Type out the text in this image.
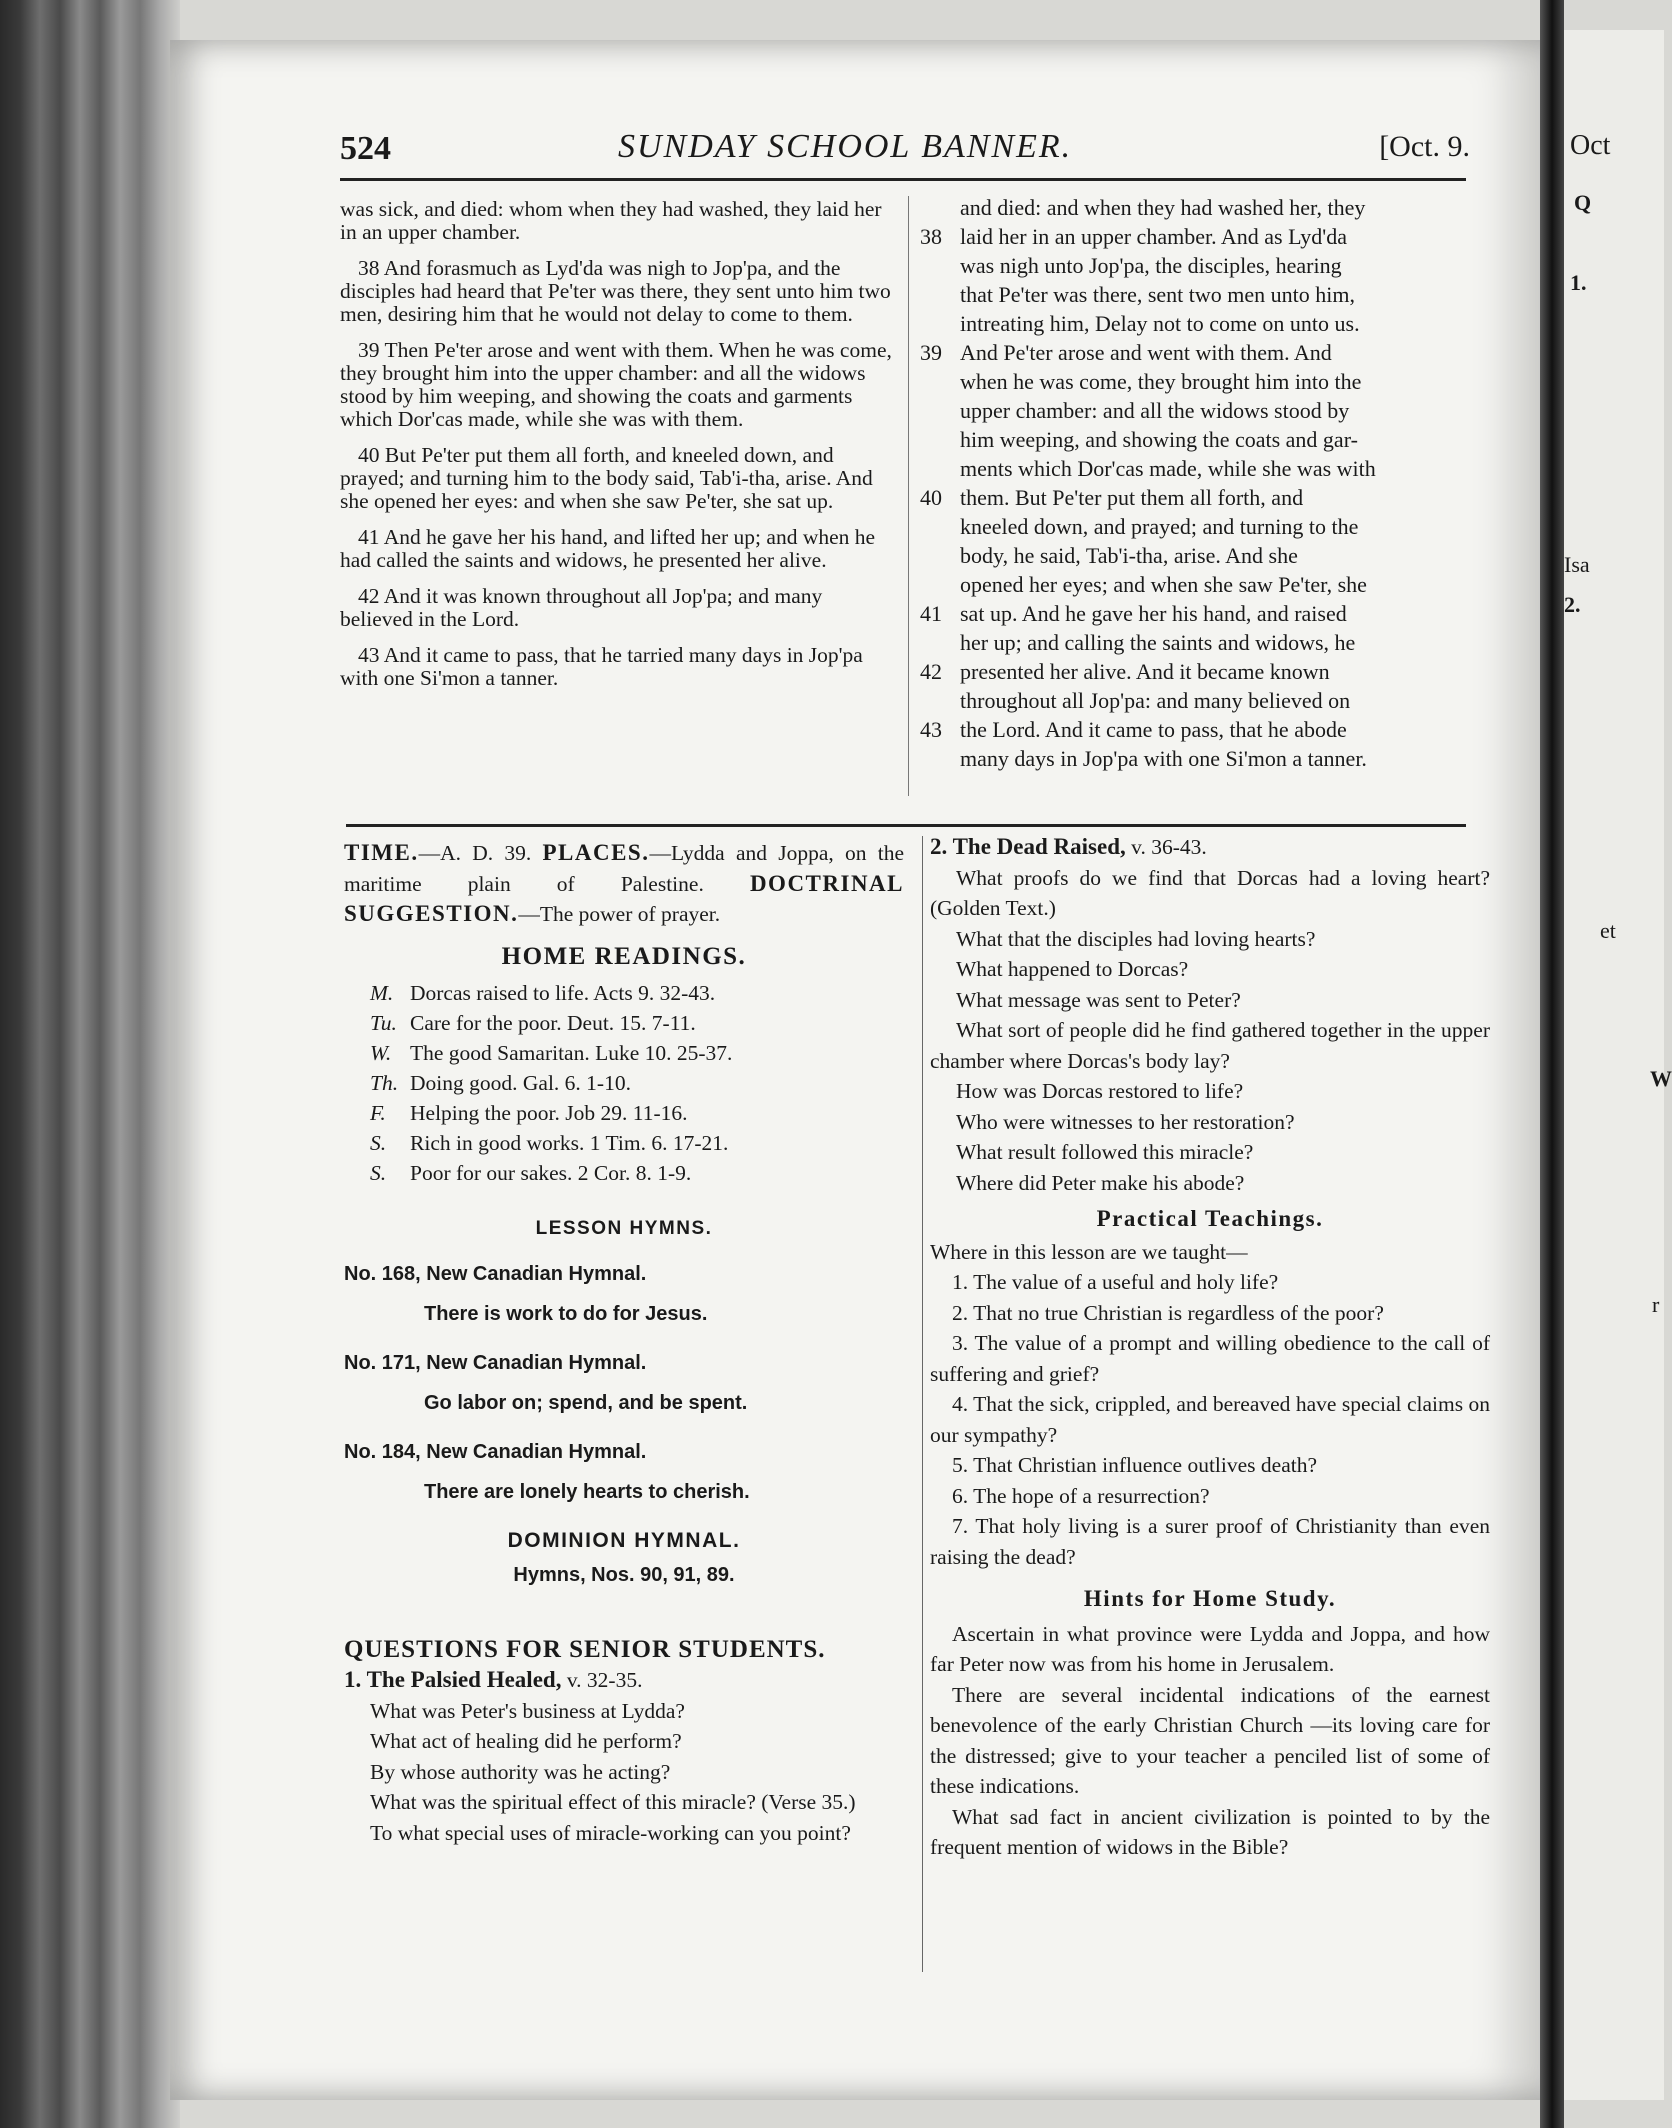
Oct
Q
1.
Isa
2.
et
W
r
524	SUNDAY SCHOOL BANNER.	[Oct. 9.

was sick, and died: whom when they had washed, they laid her in an upper chamber.

38 And forasmuch as Lyd'da was nigh to Jop'pa, and the disciples had heard that Pe'ter was there, they sent unto him two men, desiring him that he would not delay to come to them.

39 Then Pe'ter arose and went with them. When he was come, they brought him into the upper chamber: and all the widows stood by him weeping, and showing the coats and garments which Dor'cas made, while she was with them.

40 But Pe'ter put them all forth, and kneeled down, and prayed; and turning him to the body said, Tab'i-tha, arise. And she opened her eyes: and when she saw Pe'ter, she sat up.

41 And he gave her his hand, and lifted her up; and when he had called the saints and widows, he presented her alive.

42 And it was known throughout all Jop'pa; and many believed in the Lord.

43 And it came to pass, that he tarried many days in Jop'pa with one Si'mon a tanner.

and died: and when they had washed her, they
38 laid her in an upper chamber. And as Lyd'da
was nigh unto Jop'pa, the disciples, hearing
that Pe'ter was there, sent two men unto him,
intreating him, Delay not to come on unto us.
39 And Pe'ter arose and went with them. And
when he was come, they brought him into the
upper chamber: and all the widows stood by
him weeping, and showing the coats and gar-
ments which Dor'cas made, while she was with
40 them. But Pe'ter put them all forth, and
kneeled down, and prayed; and turning to the
body, he said, Tab'i-tha, arise. And she
opened her eyes; and when she saw Pe'ter, she
41 sat up. And he gave her his hand, and raised
her up; and calling the saints and widows, he
42 presented her alive. And it became known
throughout all Jop'pa: and many believed on
43 the Lord. And it came to pass, that he abode
many days in Jop'pa with one Si'mon a tanner.
TIME.—A. D. 39. PLACES.—Lydda and Joppa, on the maritime plain of Palestine. DOCTRINAL SUGGESTION.—The power of prayer.
HOME READINGS.
M. Dorcas raised to life. Acts 9. 32-43.
Tu. Care for the poor. Deut. 15. 7-11.
W. The good Samaritan. Luke 10. 25-37.
Th. Doing good. Gal. 6. 1-10.
F. Helping the poor. Job 29. 11-16.
S. Rich in good works. 1 Tim. 6. 17-21.
S. Poor for our sakes. 2 Cor. 8. 1-9.
LESSON HYMNS.
No. 168, New Canadian Hymnal.
There is work to do for Jesus.
No. 171, New Canadian Hymnal.
Go labor on; spend, and be spent.
No. 184, New Canadian Hymnal.
There are lonely hearts to cherish.
DOMINION HYMNAL.
Hymns, Nos. 90, 91, 89.
QUESTIONS FOR SENIOR STUDENTS.
1. The Palsied Healed, v. 32-35.
What was Peter's business at Lydda?
What act of healing did he perform?
By whose authority was he acting?
What was the spiritual effect of this miracle? (Verse 35.)
To what special uses of miracle-working can you point?
2. The Dead Raised, v. 36-43.
What proofs do we find that Dorcas had a loving heart? (Golden Text.)
What that the disciples had loving hearts?
What happened to Dorcas?
What message was sent to Peter?
What sort of people did he find gathered together in the upper chamber where Dorcas's body lay?
How was Dorcas restored to life?
Who were witnesses to her restoration?
What result followed this miracle?
Where did Peter make his abode?
Practical Teachings.
Where in this lesson are we taught—
1. The value of a useful and holy life?
2. That no true Christian is regardless of the poor?
3. The value of a prompt and willing obedience to the call of suffering and grief?
4. That the sick, crippled, and bereaved have special claims on our sympathy?
5. That Christian influence outlives death?
6. The hope of a resurrection?
7. That holy living is a surer proof of Christianity than even raising the dead?
Hints for Home Study.
Ascertain in what province were Lydda and Joppa, and how far Peter now was from his home in Jerusalem.
There are several incidental indications of the earnest benevolence of the early Christian Church —its loving care for the distressed; give to your teacher a penciled list of some of these indications.
What sad fact in ancient civilization is pointed to by the frequent mention of widows in the Bible?
